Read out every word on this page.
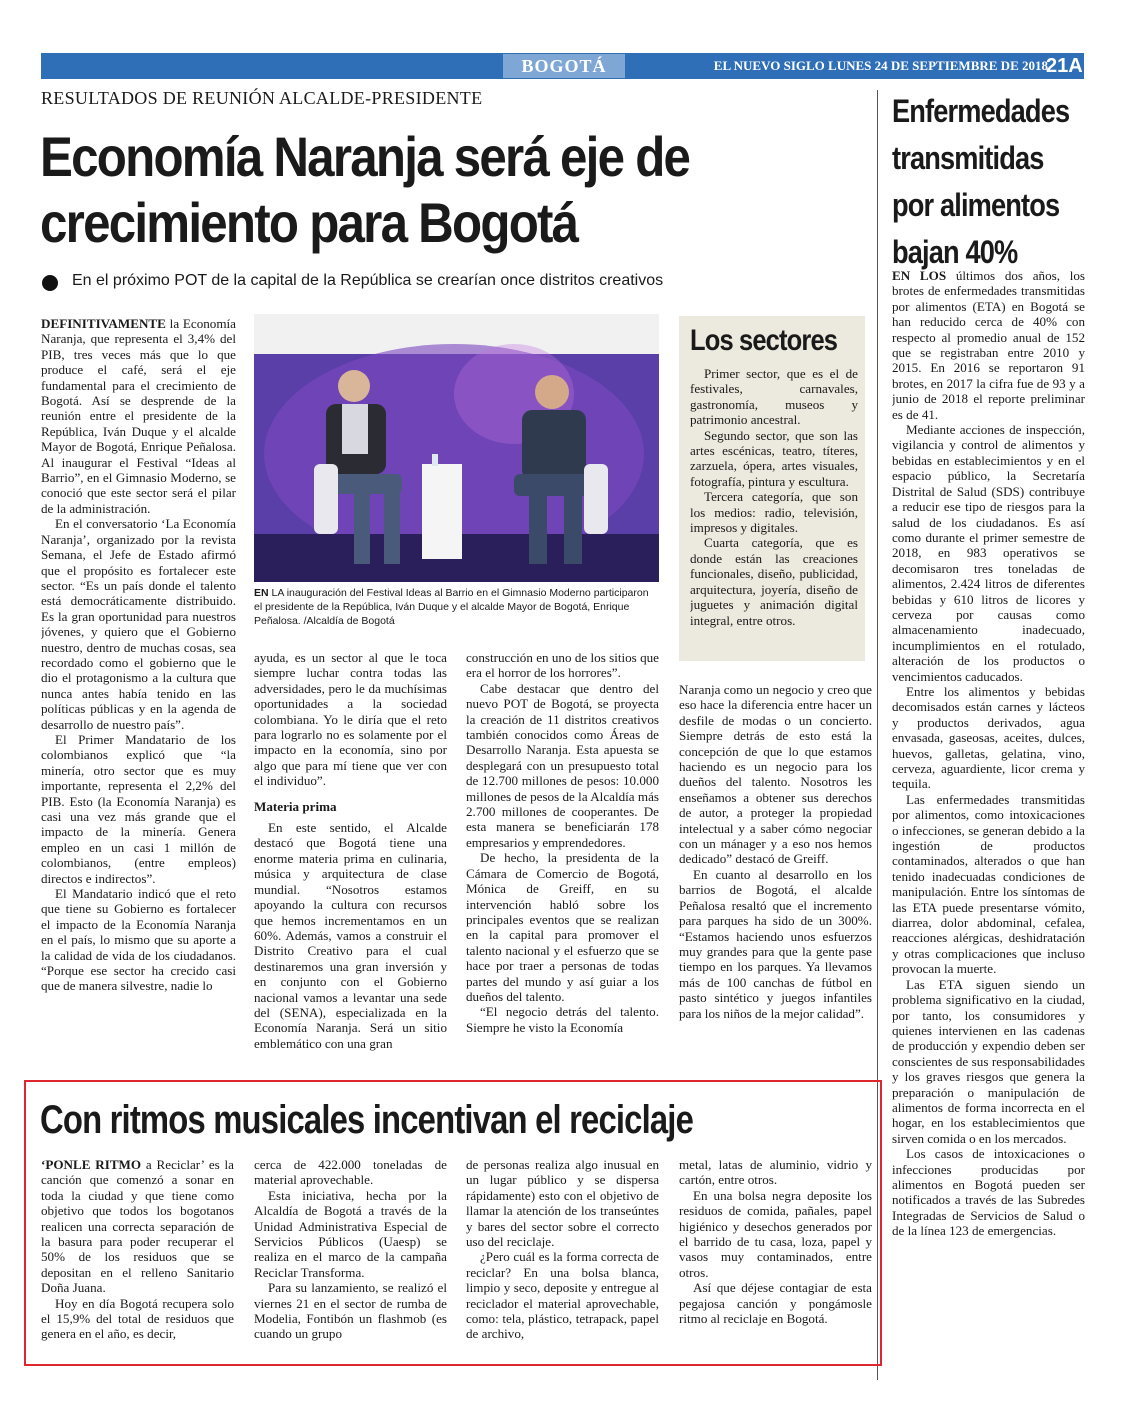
BOGOTÁ	EL NUEVO SIGLO LUNES 24 DE SEPTIEMBRE DE 2018
21A
RESULTADOS DE REUNIÓN ALCALDE-PRESIDENTE
Economía Naranja será eje de crecimiento para Bogotá
En el próximo POT de la capital de la República se crearían once distritos creativos

DEFINITIVAMENTE la Economía Naranja, que representa el 3,4% del PIB, tres veces más que lo que produce el café, será el eje fundamental para el crecimiento de Bogotá. Así se desprende de la reunión entre el presidente de la República, Iván Duque y el alcalde Mayor de Bogotá, Enrique Peñalosa. Al inaugurar el Festival “Ideas al Barrio”, en el Gimnasio Moderno, se conoció que este sector será el pilar de la administración.

En el conversatorio ‘La Economía Naranja’, organizado por la revista Semana, el Jefe de Estado afirmó que el propósito es fortalecer este sector. “Es un país donde el talento está democráticamente distribuido. Es la gran oportunidad para nuestros jóvenes, y quiero que el Gobierno nuestro, dentro de muchas cosas, sea recordado como el gobierno que le dio el protagonismo a la cultura que nunca antes había tenido en las políticas públicas y en la agenda de desarrollo de nuestro país”.

El Primer Mandatario de los colombianos explicó que “la minería, otro sector que es muy importante, representa el 2,2% del PIB. Esto (la Economía Naranja) es casi una vez más grande que el impacto de la minería. Genera empleo en un casi 1 millón de colombianos, (entre empleos) directos e indirectos”.

El Mandatario indicó que el reto que tiene su Gobierno es fortalecer el impacto de la Economía Naranja en el país, lo mismo que su aporte a la calidad de vida de los ciudadanos. “Porque ese sector ha crecido casi que de manera silvestre, nadie lo

EN LA inauguración del Festival Ideas al Barrio en el Gimnasio Moderno participaron el presidente de la República, Iván Duque y el alcalde Mayor de Bogotá, Enrique Peñalosa. /Alcaldía de Bogotá

ayuda, es un sector al que le toca siempre luchar contra todas las adversidades, pero le da muchísimas oportunidades a la sociedad colombiana. Yo le diría que el reto para lograrlo no es solamente por el impacto en la economía, sino por algo que para mí tiene que ver con el individuo”.

Materia prima

En este sentido, el Alcalde destacó que Bogotá tiene una enorme materia prima en culinaria, música y arquitectura de clase mundial. “Nosotros estamos apoyando la cultura con recursos que hemos incrementamos en un 60%. Además, vamos a construir el Distrito Creativo para el cual destinaremos una gran inversión y en conjunto con el Gobierno nacional vamos a levantar una sede del (SENA), especializada en la Economía Naranja. Será un sitio emblemático con una gran

construcción en uno de los sitios que era el horror de los horrores”.

Cabe destacar que dentro del nuevo POT de Bogotá, se proyecta la creación de 11 distritos creativos también conocidos como Áreas de Desarrollo Naranja. Esta apuesta se desplegará con un presupuesto total de 12.700 millones de pesos: 10.000 millones de pesos de la Alcaldía más 2.700 millones de cooperantes. De esta manera se beneficiarán 178 empresarios y emprendedores.

De hecho, la presidenta de la Cámara de Comercio de Bogotá, Mónica de Greiff, en su intervención habló sobre los principales eventos que se realizan en la capital para promover el talento nacional y el esfuerzo que se hace por traer a personas de todas partes del mundo y así guiar a los dueños del talento.

“El negocio detrás del talento. Siempre he visto la Economía

Los sectores

Primer sector, que es el de festivales, carnavales, gastronomía, museos y patrimonio ancestral.

Segundo sector, que son las artes escénicas, teatro, títeres, zarzuela, ópera, artes visuales, fotografía, pintura y escultura.

Tercera categoría, que son los medios: radio, televisión, impresos y digitales.

Cuarta categoría, que es donde están las creaciones funcionales, diseño, publicidad, arquitectura, joyería, diseño de juguetes y animación digital integral, entre otros.

Naranja como un negocio y creo que eso hace la diferencia entre hacer un desfile de modas o un concierto. Siempre detrás de esto está la concepción de que lo que estamos haciendo es un negocio para los dueños del talento. Nosotros les enseñamos a obtener sus derechos de autor, a proteger la propiedad intelectual y a saber cómo negociar con un mánager y a eso nos hemos dedicado” destacó de Greiff.

En cuanto al desarrollo en los barrios de Bogotá, el alcalde Peñalosa resaltó que el incremento para parques ha sido de un 300%. “Estamos haciendo unos esfuerzos muy grandes para que la gente pase tiempo en los parques. Ya llevamos más de 100 canchas de fútbol en pasto sintético y juegos infantiles para los niños de la mejor calidad”.

Enfermedades transmitidas por alimentos bajan 40%

EN LOS últimos dos años, los brotes de enfermedades transmitidas por alimentos (ETA) en Bogotá se han reducido cerca de 40% con respecto al promedio anual de 152 que se registraban entre 2010 y 2015. En 2016 se reportaron 91 brotes, en 2017 la cifra fue de 93 y a junio de 2018 el reporte preliminar es de 41.

Mediante acciones de inspección, vigilancia y control de alimentos y bebidas en establecimientos y en el espacio público, la Secretaría Distrital de Salud (SDS) contribuye a reducir ese tipo de riesgos para la salud de los ciudadanos. Es así como durante el primer semestre de 2018, en 983 operativos se decomisaron tres toneladas de alimentos, 2.424 litros de diferentes bebidas y 610 litros de licores y cerveza por causas como almacenamiento inadecuado, incumplimientos en el rotulado, alteración de los productos o vencimientos caducados.

Entre los alimentos y bebidas decomisados están carnes y lácteos y productos derivados, agua envasada, gaseosas, aceites, dulces, huevos, galletas, gelatina, vino, cerveza, aguardiente, licor crema y tequila.

Las enfermedades transmitidas por alimentos, como intoxicaciones o infecciones, se generan debido a la ingestión de productos contaminados, alterados o que han tenido inadecuadas condiciones de manipulación. Entre los síntomas de las ETA puede presentarse vómito, diarrea, dolor abdominal, cefalea, reacciones alérgicas, deshidratación y otras complicaciones que incluso provocan la muerte.

Las ETA siguen siendo un problema significativo en la ciudad, por tanto, los consumidores y quienes intervienen en las cadenas de producción y expendio deben ser conscientes de sus responsabilidades y los graves riesgos que genera la preparación o manipulación de alimentos de forma incorrecta en el hogar, en los establecimientos que sirven comida o en los mercados.

Los casos de intoxicaciones o infecciones producidas por alimentos en Bogotá pueden ser notificados a través de las Subredes Integradas de Servicios de Salud o de la línea 123 de emergencias.

Con ritmos musicales incentivan el reciclaje

‘PONLE RITMO a Reciclar’ es la canción que comenzó a sonar en toda la ciudad y que tiene como objetivo que todos los bogotanos realicen una correcta separación de la basura para poder recuperar el 50% de los residuos que se depositan en el relleno Sanitario Doña Juana.

Hoy en día Bogotá recupera solo el 15,9% del total de residuos que genera en el año, es decir,

cerca de 422.000 toneladas de material aprovechable.

Esta iniciativa, hecha por la Alcaldía de Bogotá a través de la Unidad Administrativa Especial de Servicios Públicos (Uaesp) se realiza en el marco de la campaña Reciclar Transforma.

Para su lanzamiento, se realizó el viernes 21 en el sector de rumba de Modelia, Fontibón un flashmob (es cuando un grupo

de personas realiza algo inusual en un lugar público y se dispersa rápidamente) esto con el objetivo de llamar la atención de los transeúntes y bares del sector sobre el correcto uso del reciclaje.

¿Pero cuál es la forma correcta de reciclar? En una bolsa blanca, limpio y seco, deposite y entregue al reciclador el material aprovechable, como: tela, plástico, tetrapack, papel de archivo,

metal, latas de aluminio, vidrio y cartón, entre otros.

En una bolsa negra deposite los residuos de comida, pañales, papel higiénico y desechos generados por el barrido de tu casa, loza, papel y vasos muy contaminados, entre otros.

Así que déjese contagiar de esta pegajosa canción y pongámosle ritmo al reciclaje en Bogotá.
